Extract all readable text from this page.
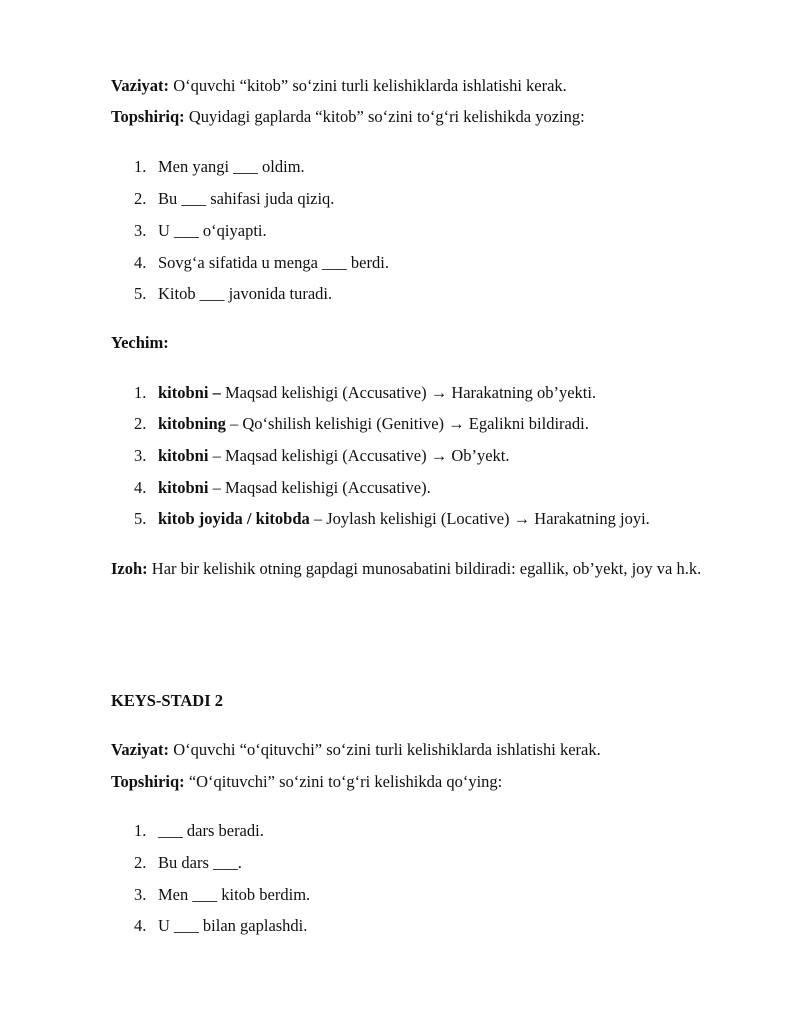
Vaziyat: O‘quvchi “kitob” so‘zini turli kelishiklarda ishlatishi kerak.
Topshiriq: Quyidagi gaplarda “kitob” so‘zini to‘g‘ri kelishikda yozing:
1. Men yangi ___ oldim.
2. Bu ___ sahifasi juda qiziq.
3. U ___ o‘qiyapti.
4. Sovg‘a sifatida u menga ___ berdi.
5. Kitob ___ javonida turadi.
Yechim:
1. kitobni – Maqsad kelishigi (Accusative) → Harakatning ob’yekti.
2. kitobning – Qo‘shilish kelishigi (Genitive) → Egalikni bildiradi.
3. kitobni – Maqsad kelishigi (Accusative) → Ob’yekt.
4. kitobni – Maqsad kelishigi (Accusative).
5. kitob joyida / kitobda – Joylash kelishigi (Locative) → Harakatning joyi.
Izoh: Har bir kelishik otning gapdagi munosabatini bildiradi: egallik, ob’yekt, joy va h.k.
KEYS-STADI 2
Vaziyat: O‘quvchi “o‘qituvchi” so‘zini turli kelishiklarda ishlatishi kerak.
Topshiriq: “O‘qituvchi” so‘zini to‘g‘ri kelishikda qo‘ying:
1. ___ dars beradi.
2. Bu dars ___.
3. Men ___ kitob berdim.
4. U ___ bilan gaplashdi.
